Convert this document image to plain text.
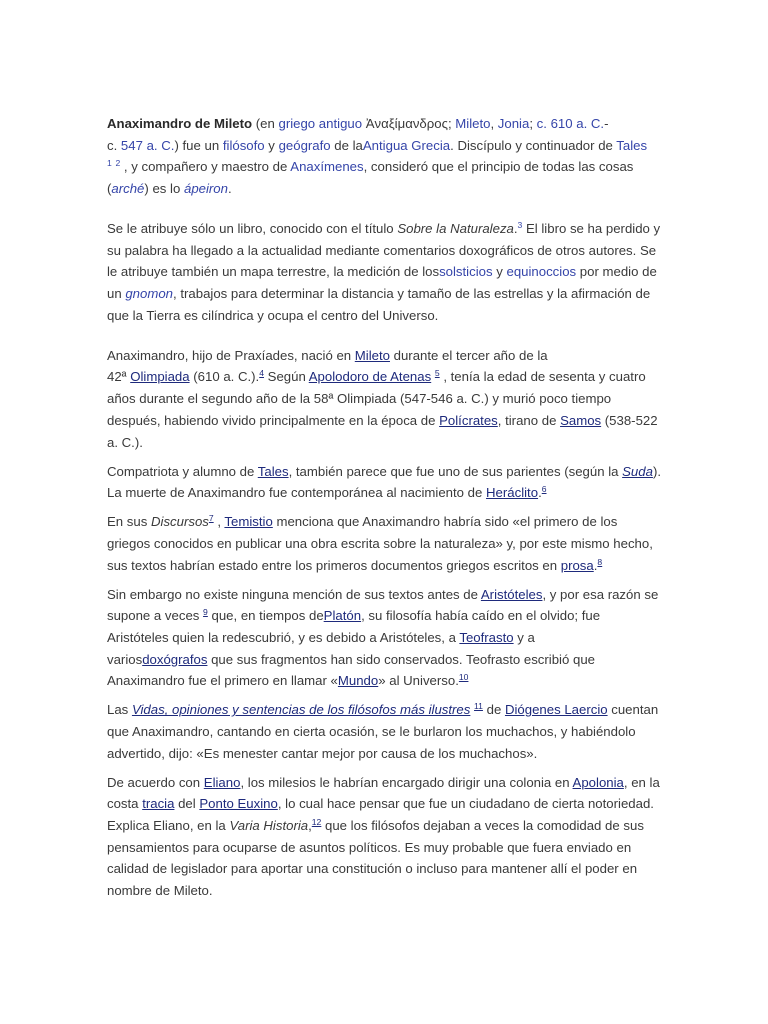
Anaximandro de Mileto (en griego antiguo Ἀναξίμανδρος; Mileto, Jonia; c. 610 a. C.-
c. 547 a. C.) fue un filósofo y geógrafo de laAntigua Grecia. Discípulo y continuador de Tales
$^1$ $^2$ , y compañero y maestro de Anaxímenes, consideró que el principio de todas las cosas
(arché) es lo ápeiron.

Se le atribuye sólo un libro, conocido con el título Sobre la Naturaleza.$^3$ El libro se ha perdido y
su palabra ha llegado a la actualidad mediante comentarios doxográficos de otros autores. Se
le atribuye también un mapa terrestre, la medición de lossolsticios y equinoccios por medio de
un gnomon, trabajos para determinar la distancia y tamaño de las estrellas y la afirmación de
que la Tierra es cilíndrica y ocupa el centro del Universo.

Anaximandro, hijo de Praxíades, nació en Mileto durante el tercer año de la
42ª Olimpiada (610 a. C.).$^4$ Según Apolodoro de Atenas $^5$ , tenía la edad de sesenta y cuatro
años durante el segundo año de la 58ª Olimpiada (547-546 a. C.) y murió poco tiempo
después, habiendo vivido principalmente en la época de Polícrates, tirano de Samos (538-522
a. C.).

Compatriota y alumno de Tales, también parece que fue uno de sus parientes (según la Suda).
La muerte de Anaximandro fue contemporánea al nacimiento de Heráclito.$^6$

En sus Discursos$^7$ , Temistio menciona que Anaximandro habría sido «el primero de los
griegos conocidos en publicar una obra escrita sobre la naturaleza» y, por este mismo hecho,
sus textos habrían estado entre los primeros documentos griegos escritos en prosa.$^8$

Sin embargo no existe ninguna mención de sus textos antes de Aristóteles, y por esa razón se
supone a veces $^9$ que, en tiempos dePlatón, su filosofía había caído en el olvido; fue
Aristóteles quien la redescubrió, y es debido a Aristóteles, a Teofrasto y a
variosdoxógrafos que sus fragmentos han sido conservados. Teofrasto escribió que
Anaximandro fue el primero en llamar «Mundo» al Universo.$^{10}$

Las Vidas, opiniones y sentencias de los filósofos más ilustres $^{11}$ de Diógenes Laercio cuentan
que Anaximandro, cantando en cierta ocasión, se le burlaron los muchachos, y habiéndolo
advertido, dijo: «Es menester cantar mejor por causa de los muchachos».

De acuerdo con Eliano, los milesios le habrían encargado dirigir una colonia en Apolonia, en la
costa tracia del Ponto Euxino, lo cual hace pensar que fue un ciudadano de cierta notoriedad.
Explica Eliano, en la Varia Historia,$^{12}$ que los filósofos dejaban a veces la comodidad de sus
pensamientos para ocuparse de asuntos políticos. Es muy probable que fuera enviado en
calidad de legislador para aportar una constitución o incluso para mantener allí el poder en
nombre de Mileto.
